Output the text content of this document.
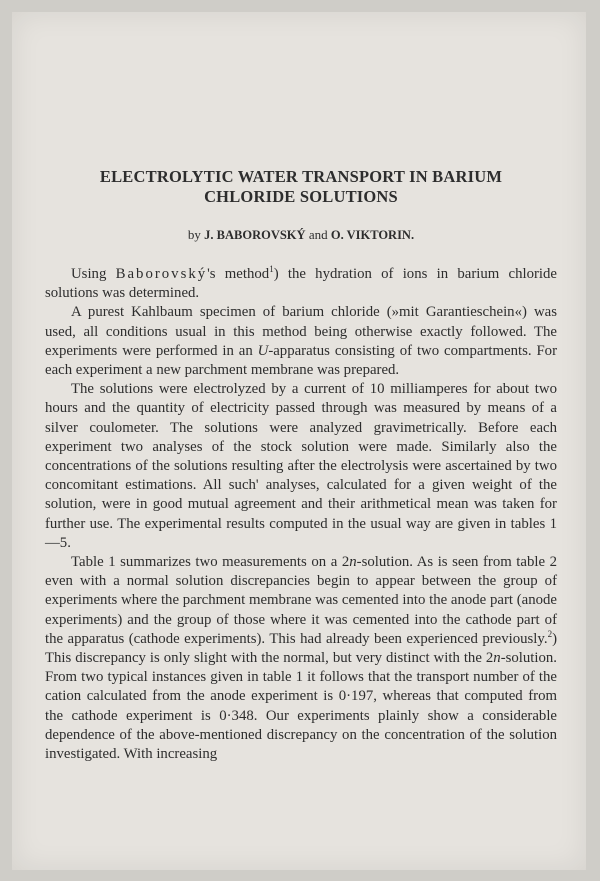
ELECTROLYTIC WATER TRANSPORT IN BARIUM
CHLORIDE SOLUTIONS
by J. BABOROVSKÝ and O. VIKTORIN.

Using Baborovský's method$^1$) the hydration of ions in barium chloride solutions was determined.

A purest Kahlbaum specimen of barium chloride (»mit Garantieschein«) was used, all conditions usual in this method being otherwise exactly followed. The experiments were performed in an U-apparatus consisting of two compartments. For each experiment a new parchment membrane was prepared.

The solutions were electrolyzed by a current of 10 milliamperes for about two hours and the quantity of electricity passed through was measured by means of a silver coulometer. The solutions were analyzed gravimetrically. Before each experiment two analyses of the stock solution were made. Similarly also the concentrations of the solutions resulting after the electrolysis were ascertained by two concomitant estimations. All such' analyses, calculated for a given weight of the solution, were in good mutual agreement and their arithmetical mean was taken for further use. The experimental results computed in the usual way are given in tables 1—5.

Table 1 summarizes two measurements on a 2n-solution. As is seen from table 2 even with a normal solution discrepancies begin to appear between the group of experiments where the parchment membrane was cemented into the anode part (anode experiments) and the group of those where it was cemented into the cathode part of the apparatus (cathode experiments). This had already been experienced previously.$^2$) This discrepancy is only slight with the normal, but very distinct with the 2n-solution. From two typical instances given in table 1 it follows that the transport number of the cation calculated from the anode experiment is 0·197, whereas that computed from the cathode experiment is 0·348. Our experiments plainly show a considerable dependence of the above-mentioned discrepancy on the concentration of the solution investigated. With increasing
